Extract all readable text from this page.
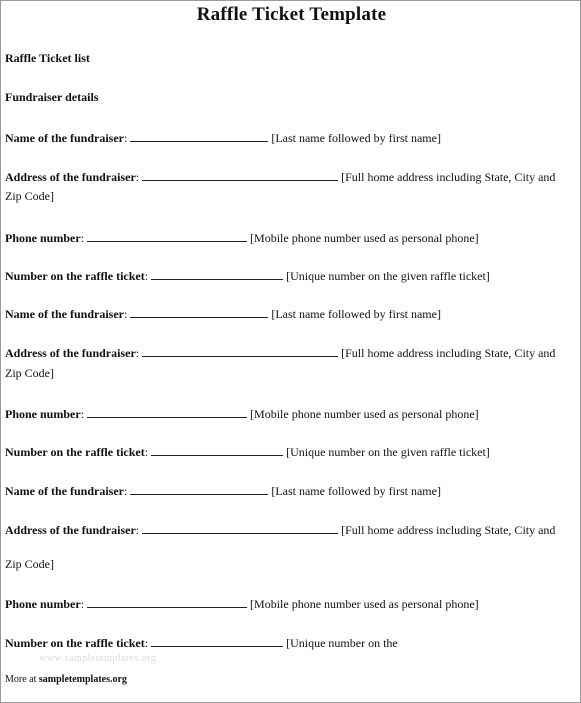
Raffle Ticket Template
Raffle Ticket list
Fundraiser details
Name of the fundraiser:	[Last name followed by first name]
Address of the fundraiser:	[Full home address including State, City and
Zip Code]
Phone number:	[Mobile phone number used as personal phone]
Number on the raffle ticket:	[Unique number on the given raffle ticket]
Name of the fundraiser:	[Last name followed by first name]
Address of the fundraiser:	[Full home address including State, City and
Zip Code]
Phone number:	[Mobile phone number used as personal phone]
Number on the raffle ticket:	[Unique number on the given raffle ticket]
Name of the fundraiser:	[Last name followed by first name]
Address of the fundraiser:	[Full home address including State, City and
Zip Code]
Phone number:	[Mobile phone number used as personal phone]
Number on the raffle ticket:	[Unique number on the
www.sampletemplates.org
More at sampletemplates.org
